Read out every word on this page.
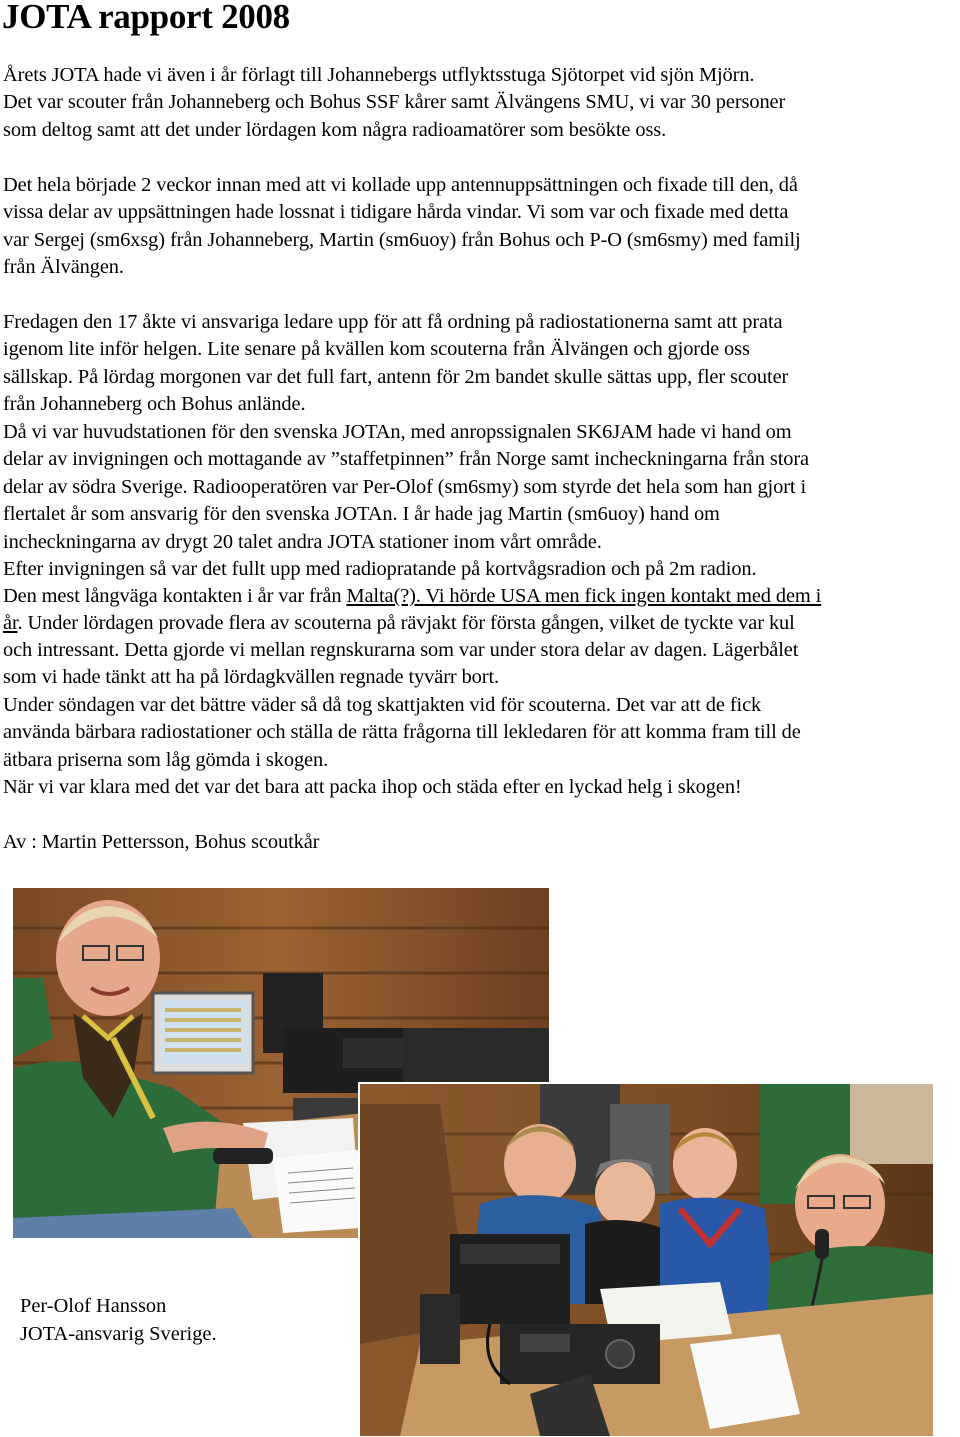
JOTA rapport 2008
Årets JOTA hade vi även i år förlagt till Johannebergs utflyktsstuga Sjötorpet vid sjön Mjörn.
Det var scouter från Johanneberg och Bohus SSF kårer samt Älvängens SMU, vi var 30 personer
som deltog samt att det under lördagen kom några radioamatörer som besökte oss.
Det hela började 2 veckor innan med att vi kollade upp antennuppsättningen och fixade till den, då
vissa delar av uppsättningen hade lossnat i tidigare hårda vindar. Vi som var och fixade med detta
var Sergej (sm6xsg) från Johanneberg, Martin (sm6uoy) från Bohus och P-O (sm6smy) med familj
från Älvängen.
Fredagen den 17 åkte vi ansvariga ledare upp för att få ordning på radiostationerna samt att prata
igenom lite inför helgen. Lite senare på kvällen kom scouterna från Älvängen och gjorde oss
sällskap. På lördag morgonen var det full fart, antenn för 2m bandet skulle sättas upp, fler scouter
från Johanneberg och Bohus anlände.
Då vi var huvudstationen för den svenska JOTAn, med anropssignalen SK6JAM hade vi hand om
delar av invigningen och mottagande av ”staffetpinnen” från Norge samt incheckningarna från stora
delar av södra Sverige. Radiooperatören var Per-Olof (sm6smy) som styrde det hela som han gjort i
flertalet år som ansvarig för den svenska JOTAn. I år hade jag Martin (sm6uoy) hand om
incheckningarna av drygt 20 talet andra JOTA stationer inom vårt område.
Efter invigningen så var det fullt upp med radiopratande på kortvågsradion och på 2m radion.
Den mest långväga kontakten i år var från Malta(?). Vi hörde USA men fick ingen kontakt med dem i
år. Under lördagen provade flera av scouterna på rävjakt för första gången, vilket de tyckte var kul
och intressant. Detta gjorde vi mellan regnskurarna som var under stora delar av dagen. Lägerbålet
som vi hade tänkt att ha på lördagkvällen regnade tyvärr bort.
Under söndagen var det bättre väder så då tog skattjakten vid för scouterna. Det var att de fick
använda bärbara radiostationer och ställa de rätta frågorna till lekledaren för att komma fram till de
ätbara priserna som låg gömda i skogen.
När vi var klara med det var det bara att packa ihop och städa efter en lyckad helg i skogen!
Av : Martin Pettersson, Bohus scoutkår
Per-Olof Hansson
JOTA-ansvarig Sverige.
